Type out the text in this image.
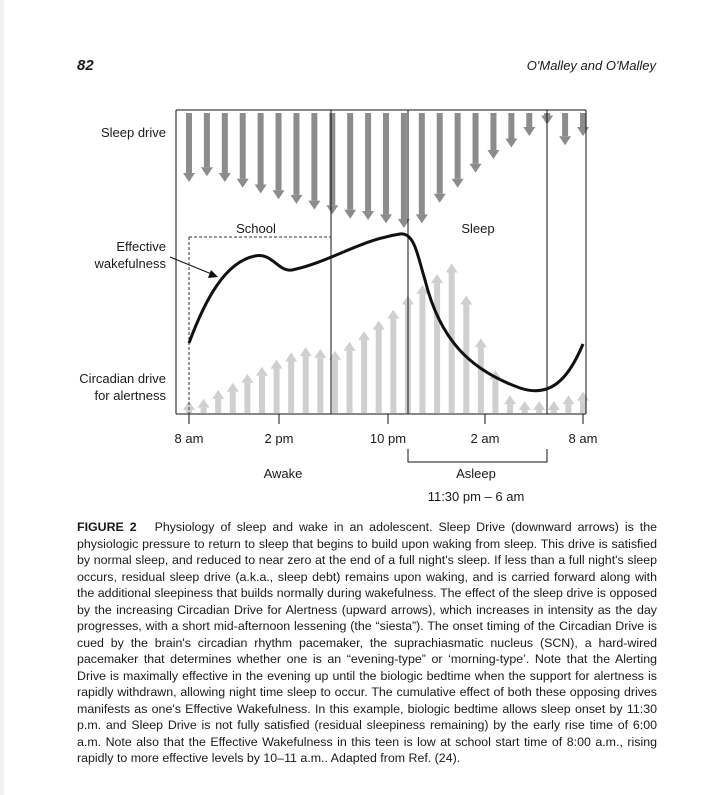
82	O'Malley and O'Malley
Sleep drive
Effective
wakefulness
Circadian drive
for alertness
School	Sleep
8 am	2 pm	10 pm	2 am	8 am
Awake	Asleep
11:30 pm – 6 am
FIGURE 2 Physiology of sleep and wake in an adolescent. Sleep Drive (downward arrows) is the physiologic pressure to return to sleep that begins to build upon waking from sleep. This drive is satisfied by normal sleep, and reduced to near zero at the end of a full night's sleep. If less than a full night's sleep occurs, residual sleep drive (a.k.a., sleep debt) remains upon waking, and is carried forward along with the additional sleepiness that builds normally during wakefulness. The effect of the sleep drive is opposed by the increasing Circadian Drive for Alertness (upward arrows), which increases in intensity as the day progresses, with a short mid-afternoon lessening (the “siesta”). The onset timing of the Circadian Drive is cued by the brain's circadian rhythm pacemaker, the suprachiasmatic nucleus (SCN), a hard-wired pacemaker that determines whether one is an “evening-type” or ‘morning-type’. Note that the Alerting Drive is maximally effective in the evening up until the biologic bedtime when the support for alertness is rapidly withdrawn, allowing night time sleep to occur. The cumulative effect of both these opposing drives manifests as one's Effective Wakefulness. In this example, biologic bedtime allows sleep onset by 11:30 p.m. and Sleep Drive is not fully satisfied (residual sleepiness remaining) by the early rise time of 6:00 a.m. Note also that the Effective Wakefulness in this teen is low at school start time of 8:00 a.m., rising rapidly to more effective levels by 10–11 a.m.. Adapted from Ref. (24).
